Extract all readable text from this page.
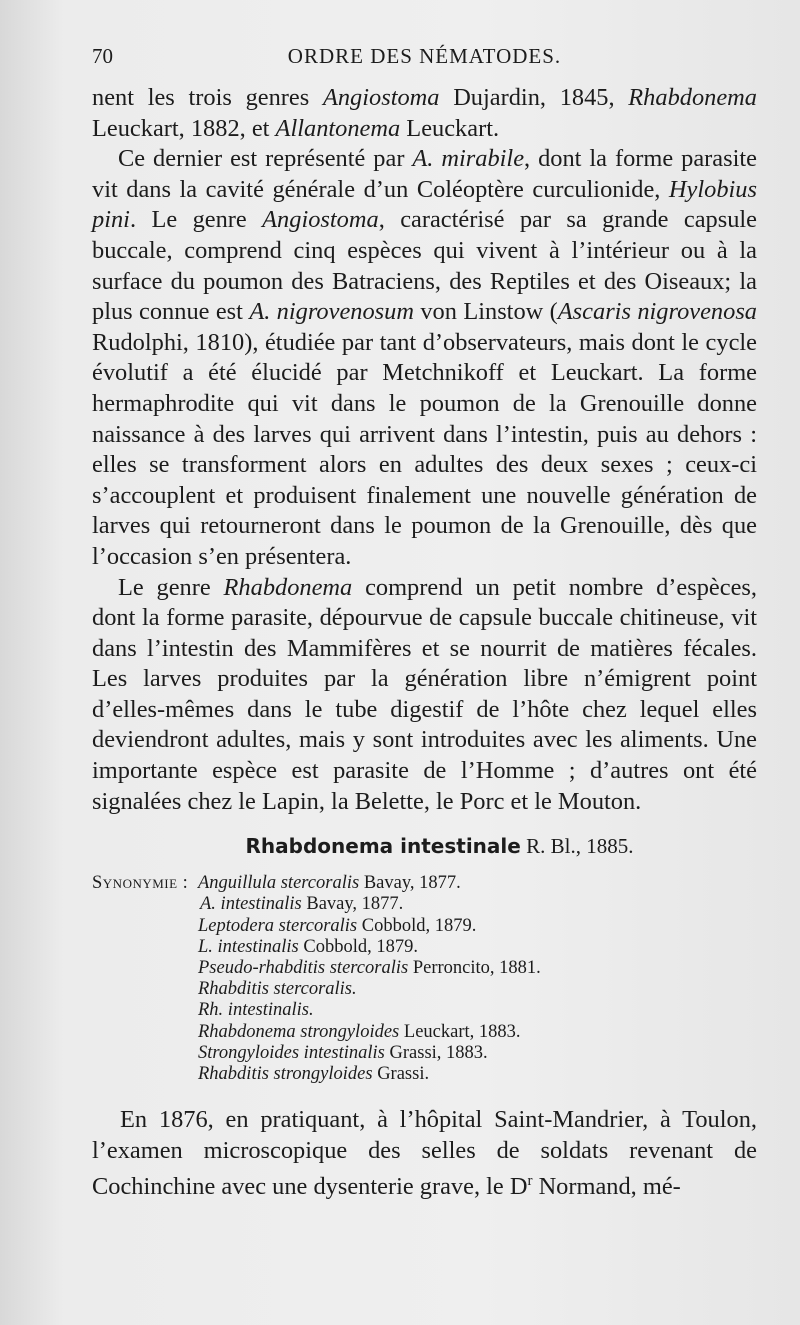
70	ORDRE DES NÉMATODES.

nent les trois genres Angiostoma Dujardin, 1845, Rhabdonema Leuckart, 1882, et Allantonema Leuckart.

Ce dernier est représenté par A. mirabile, dont la forme parasite vit dans la cavité générale d’un Coléoptère curculionide, Hylobius pini. Le genre Angiostoma, caractérisé par sa grande capsule buccale, comprend cinq espèces qui vivent à l’intérieur ou à la surface du poumon des Batraciens, des Reptiles et des Oiseaux; la plus connue est A. nigrovenosum von Linstow (Ascaris nigrovenosa Rudolphi, 1810), étudiée par tant d’observateurs, mais dont le cycle évolutif a été élucidé par Metchnikoff et Leuckart. La forme hermaphrodite qui vit dans le poumon de la Grenouille donne naissance à des larves qui arrivent dans l’intestin, puis au dehors : elles se transforment alors en adultes des deux sexes ; ceux-ci s’accouplent et produisent finalement une nouvelle génération de larves qui retourneront dans le poumon de la Grenouille, dès que l’occasion s’en présentera.

Le genre Rhabdonema comprend un petit nombre d’espèces, dont la forme parasite, dépourvue de capsule buccale chitineuse, vit dans l’intestin des Mammifères et se nourrit de matières fécales. Les larves produites par la génération libre n’émigrent point d’elles-mêmes dans le tube digestif de l’hôte chez lequel elles deviendront adultes, mais y sont introduites avec les aliments. Une importante espèce est parasite de l’Homme ; d’autres ont été signalées chez le Lapin, la Belette, le Porc et le Mouton.

Rhabdonema intestinale R. Bl., 1885.

Synonymie : Anguillula stercoralis Bavay, 1877.
A. intestinalis Bavay, 1877.
Leptodera stercoralis Cobbold, 1879.
L. intestinalis Cobbold, 1879.
Pseudo-rhabditis stercoralis Perroncito, 1881.
Rhabditis stercoralis.
Rh. intestinalis.
Rhabdonema strongyloides Leuckart, 1883.
Strongyloides intestinalis Grassi, 1883.
Rhabditis strongyloides Grassi.

En 1876, en pratiquant, à l’hôpital Saint-Mandrier, à Toulon, l’examen microscopique des selles de soldats revenant de Cochinchine avec une dysenterie grave, le $D^r$ Normand, mé-
